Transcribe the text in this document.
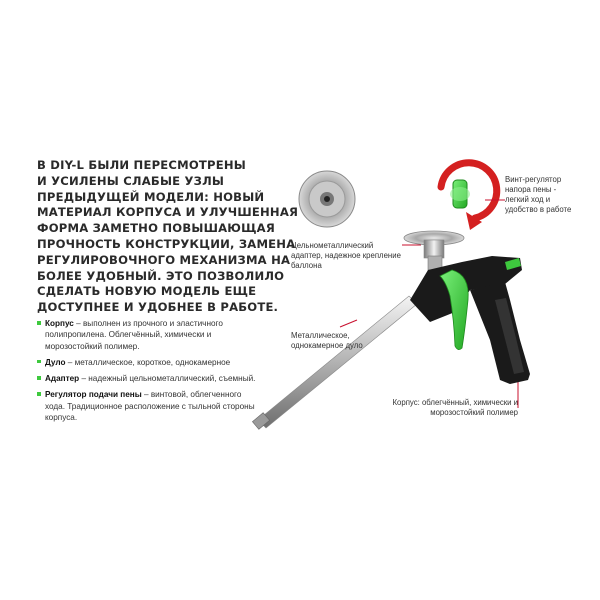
В DIY-L БЫЛИ ПЕРЕСМОТРЕНЫ
И УСИЛЕНЫ СЛАБЫЕ УЗЛЫ
ПРЕДЫДУЩЕЙ МОДЕЛИ: НОВЫЙ
МАТЕРИАЛ КОРПУСА И УЛУЧШЕННАЯ
ФОРМА ЗАМЕТНО ПОВЫШАЮЩАЯ
ПРОЧНОСТЬ КОНСТРУКЦИИ, ЗАМЕНА
РЕГУЛИРОВОЧНОГО МЕХАНИЗМА НА
БОЛЕЕ УДОБНЫЙ. ЭТО ПОЗВОЛИЛО
СДЕЛАТЬ НОВУЮ МОДЕЛЬ ЕЩЕ
ДОСТУПНЕЕ И УДОБНЕЕ В РАБОТЕ.
Корпус – выполнен из прочного и эластичного полипропилена. Облегчённый, химически и морозостойкий полимер.
Дуло – металлическое, короткое, однокамерное
Адаптер – надежный цельнометаллический, съемный.
Регулятор подачи пены – винтовой, облегченного хода. Традиционное расположение с тыльной стороны корпуса.
Цельнометаллический адаптер, надежное крепление баллона
Металлическое, однокамерное дуло
Винт-регулятор напора пены - легкий ход и удобство в работе
Корпус: облегчённый, химически и морозостойкий полимер
